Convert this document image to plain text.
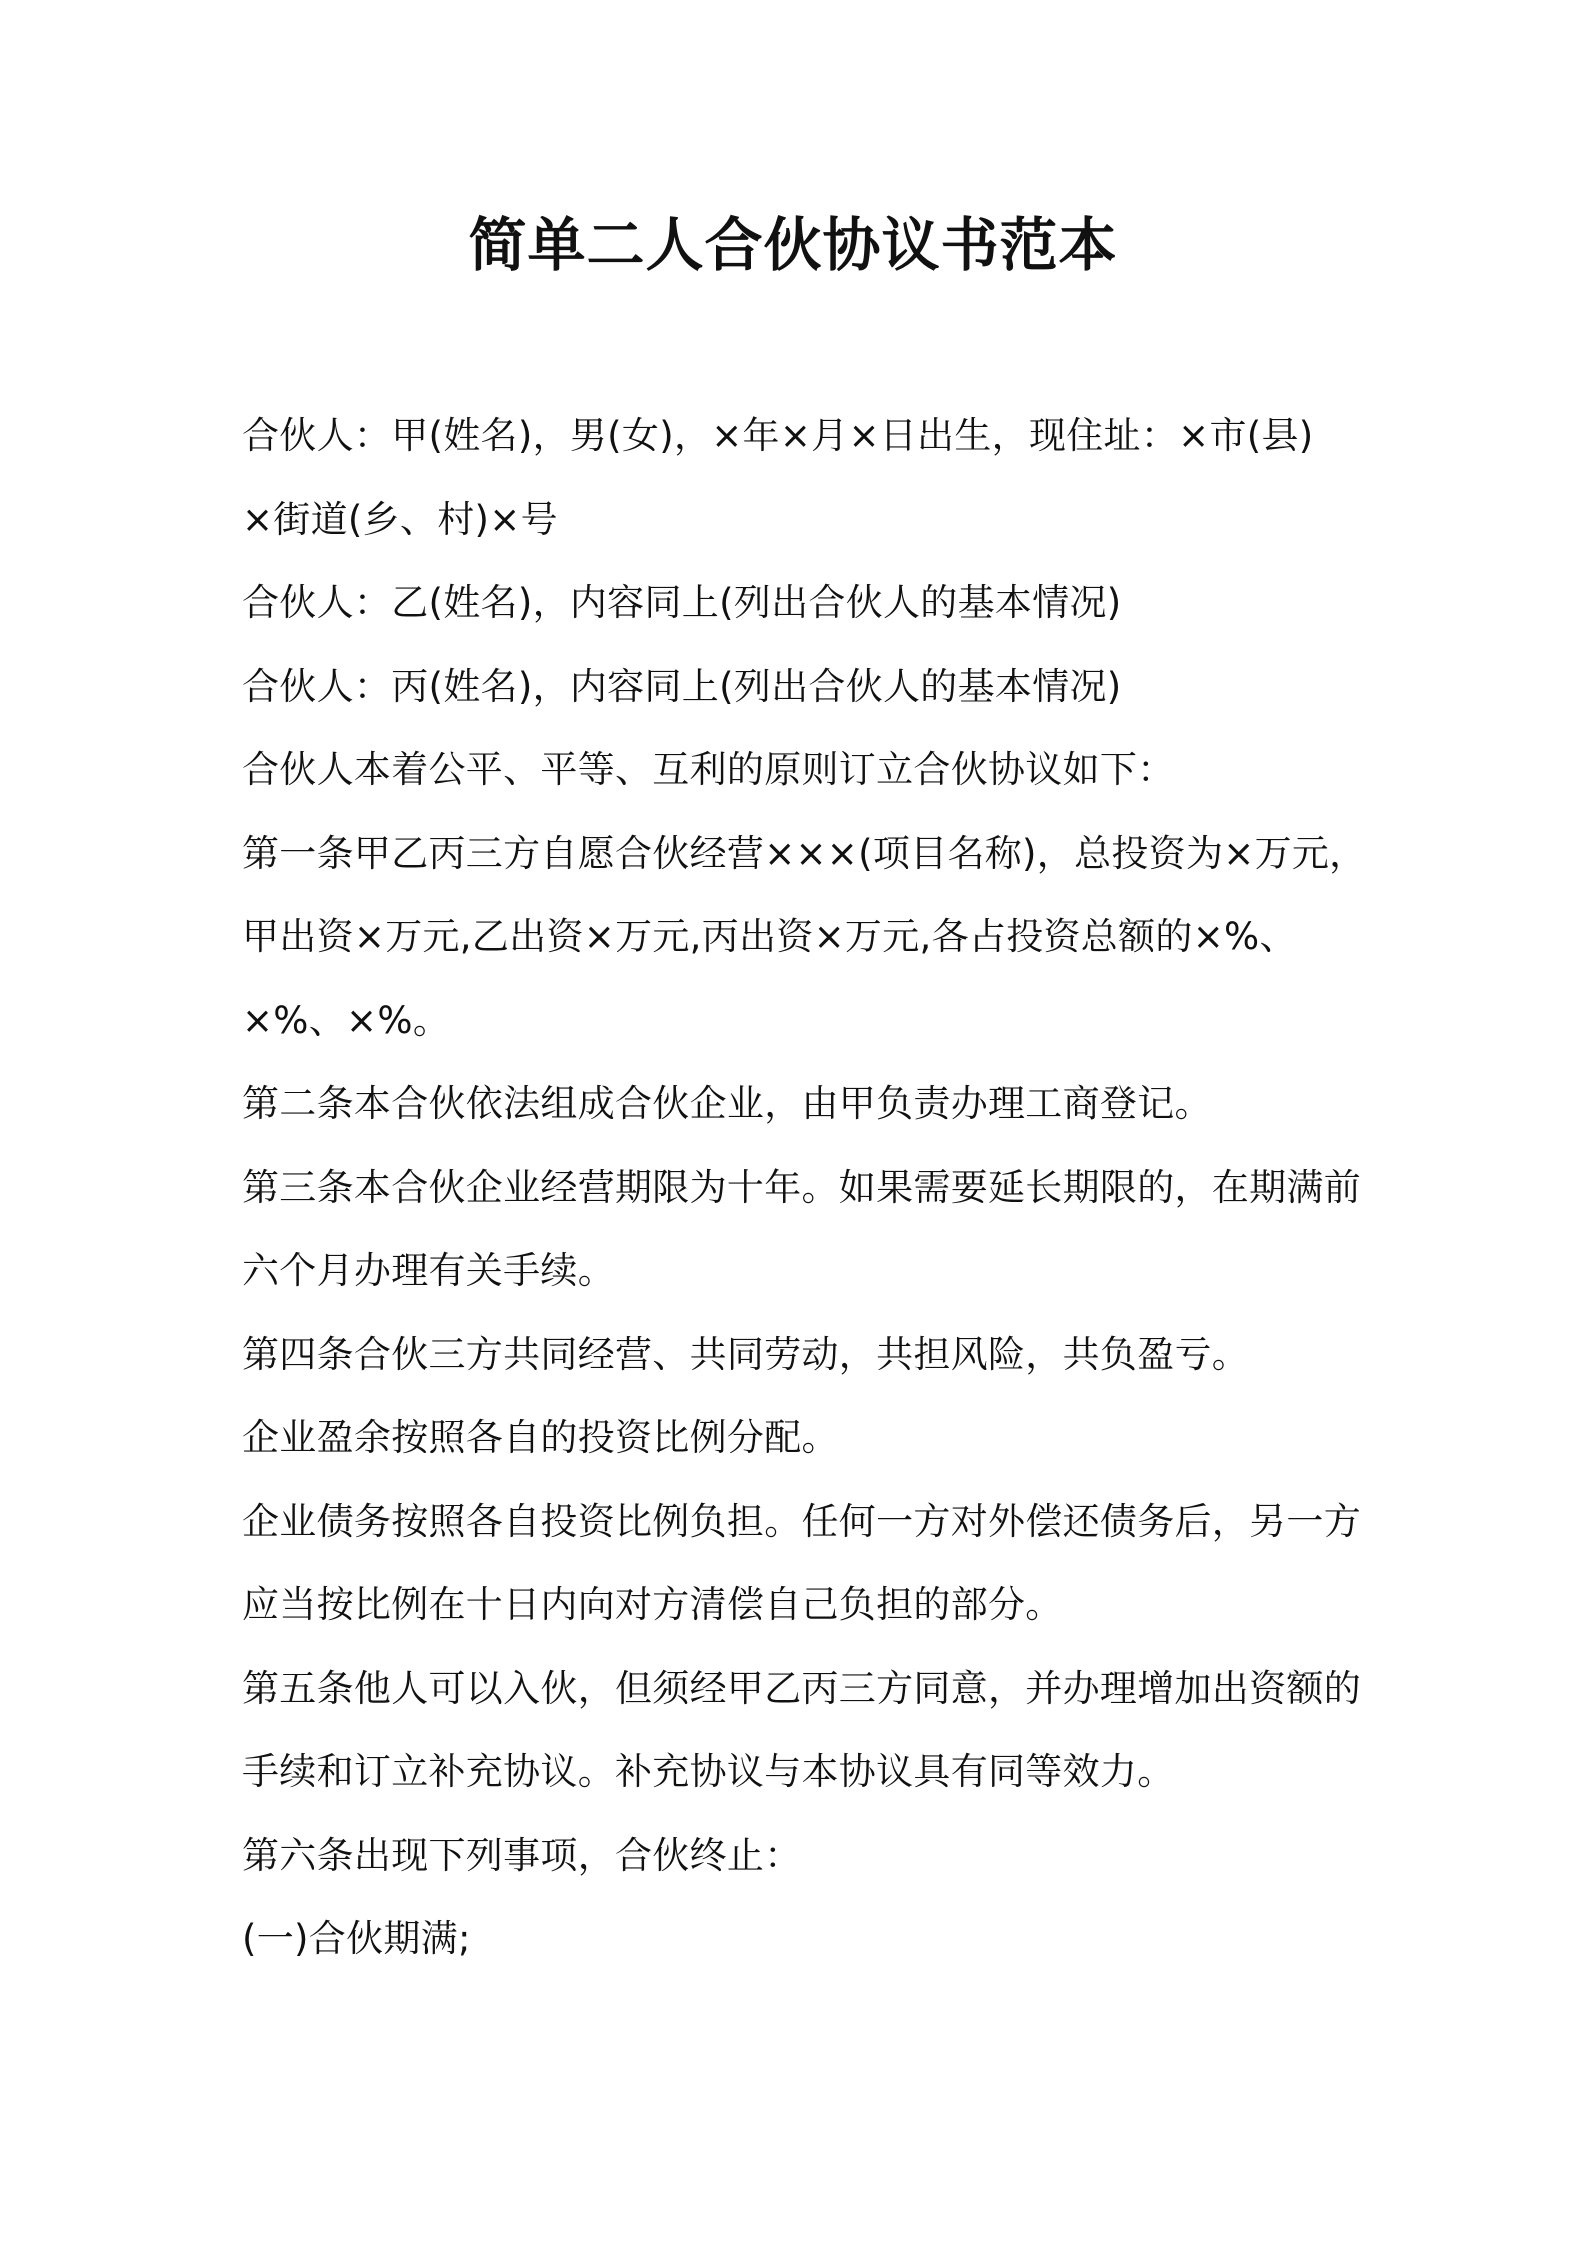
简单二人合伙协议书范本

合伙人：甲(姓名)，男(女)，×年×月×日出生，现住址：×市(县)

×街道(乡、村)×号

合伙人：乙(姓名)，内容同上(列出合伙人的基本情况)

合伙人：丙(姓名)，内容同上(列出合伙人的基本情况)

合伙人本着公平、平等、互利的原则订立合伙协议如下：

第一条甲乙丙三方自愿合伙经营×××(项目名称)，总投资为×万元，

甲出资×万元,乙出资×万元,丙出资×万元,各占投资总额的×%、

×%、×%。

第二条本合伙依法组成合伙企业，由甲负责办理工商登记。

第三条本合伙企业经营期限为十年。如果需要延长期限的，在期满前

六个月办理有关手续。

第四条合伙三方共同经营、共同劳动，共担风险，共负盈亏。

企业盈余按照各自的投资比例分配。

企业债务按照各自投资比例负担。任何一方对外偿还债务后，另一方

应当按比例在十日内向对方清偿自己负担的部分。

第五条他人可以入伙，但须经甲乙丙三方同意，并办理增加出资额的

手续和订立补充协议。补充协议与本协议具有同等效力。

第六条出现下列事项，合伙终止：

(一)合伙期满;
